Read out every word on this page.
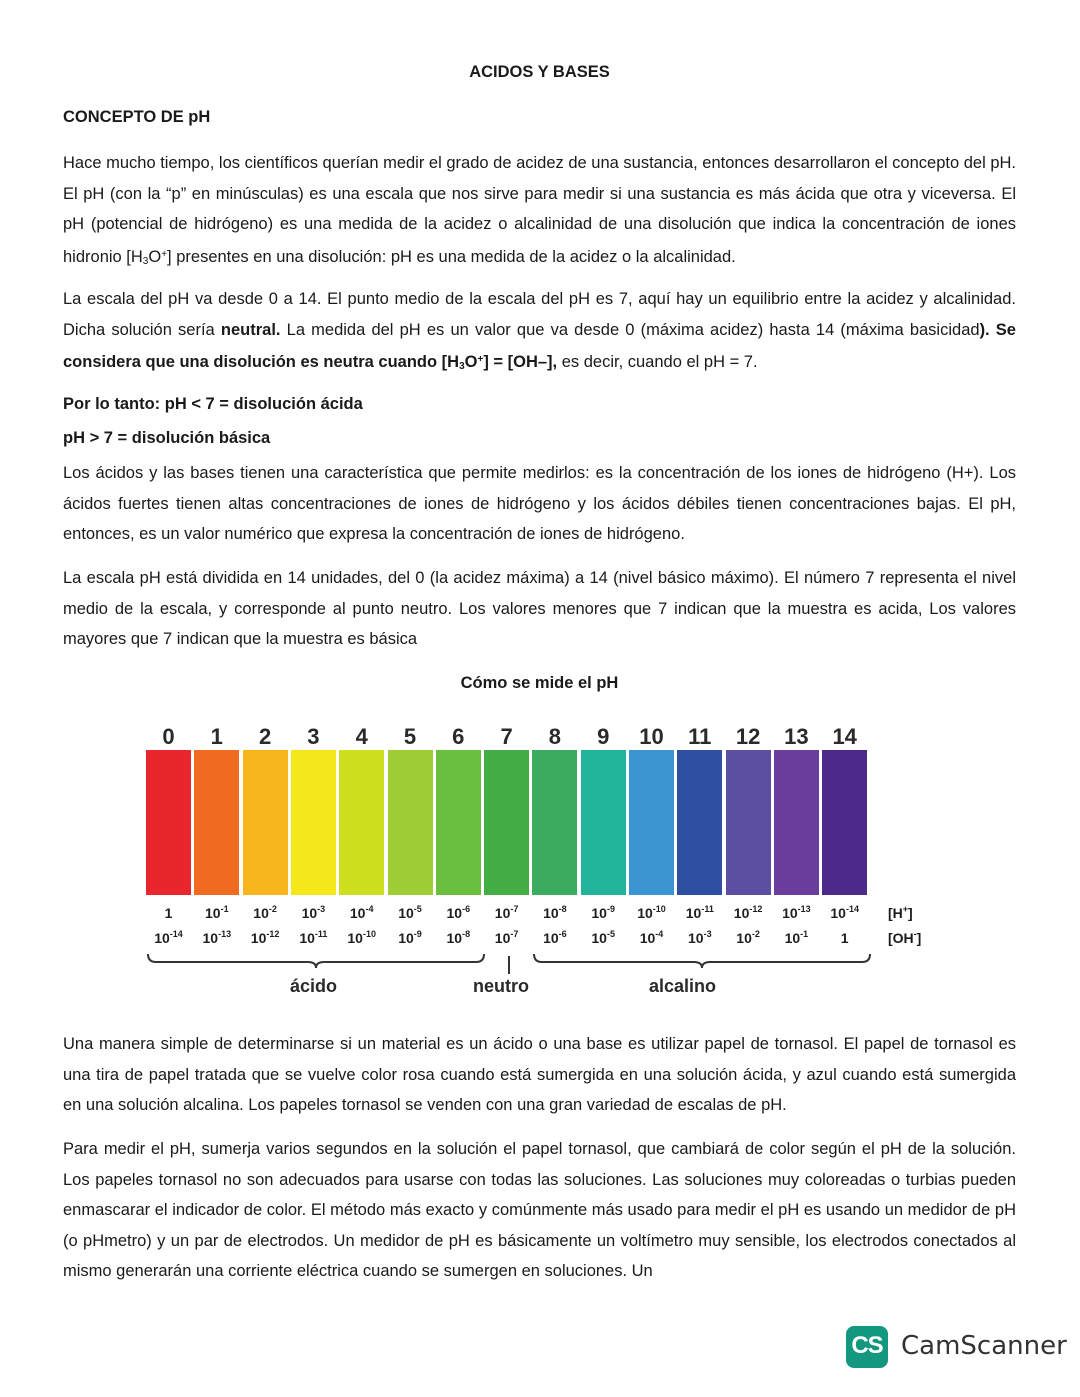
ACIDOS Y BASES
CONCEPTO DE pH

Hace mucho tiempo, los científicos querían medir el grado de acidez de una sustancia, entonces desarrollaron el concepto del pH. El pH (con la “p” en minúsculas) es una escala que nos sirve para medir si una sustancia es más ácida que otra y viceversa. El pH (potencial de hidrógeno) es una medida de la acidez o alcalinidad de una disolución que indica la concentración de iones hidronio $[H_3O^+]$ presentes en una disolución: pH es una medida de la acidez o la alcalinidad.

La escala del pH va desde 0 a 14. El punto medio de la escala del pH es 7, aquí hay un equilibrio entre la acidez y alcalinidad. Dicha solución sería neutral. La medida del pH es un valor que va desde 0 (máxima acidez) hasta 14 (máxima basicidad). Se considera que una disolución es neutra cuando $[H_3O^+] = [OH-]$, es decir, cuando el pH = 7.

Por lo tanto: pH < 7 = disolución ácida
pH > 7 = disolución básica

Los ácidos y las bases tienen una característica que permite medirlos: es la concentración de los iones de hidrógeno (H+). Los ácidos fuertes tienen altas concentraciones de iones de hidrógeno y los ácidos débiles tienen concentraciones bajas. El pH, entonces, es un valor numérico que expresa la concentración de iones de hidrógeno.

La escala pH está dividida en 14 unidades, del 0 (la acidez máxima) a 14 (nivel básico máximo). El número 7 representa el nivel medio de la escala, y corresponde al punto neutro. Los valores menores que 7 indican que la muestra es acida, Los valores mayores que 7 indican que la muestra es básica

Cómo se mide el pH

Una manera simple de determinarse si un material es un ácido o una base es utilizar papel de tornasol. El papel de tornasol es una tira de papel tratada que se vuelve color rosa cuando está sumergida en una solución ácida, y azul cuando está sumergida en una solución alcalina. Los papeles tornasol se venden con una gran variedad de escalas de pH.

Para medir el pH, sumerja varios segundos en la solución el papel tornasol, que cambiará de color según el pH de la solución. Los papeles tornasol no son adecuados para usarse con todas las soluciones. Las soluciones muy coloreadas o turbias pueden enmascarar el indicador de color. El método más exacto y comúnmente más usado para medir el pH es usando un medidor de pH (o pHmetro) y un par de electrodos. Un medidor de pH es básicamente un voltímetro muy sensible, los electrodos conectados al mismo generarán una corriente eléctrica cuando se sumergen en soluciones. Un

[H+]
[OH-]
ácido	neutro	alcalino
0
1
$10^{-14}$
1
$10^{-1}$
$10^{-13}$
2
$10^{-2}$
$10^{-12}$
3
$10^{-3}$
$10^{-11}$
4
$10^{-4}$
$10^{-10}$
5
$10^{-5}$
$10^{-9}$
6
$10^{-6}$
$10^{-8}$
7
$10^{-7}$
$10^{-7}$
8
$10^{-8}$
$10^{-6}$
9
$10^{-9}$
$10^{-5}$
10
$10^{-10}$
$10^{-4}$
11
$10^{-11}$
$10^{-3}$
12
$10^{-12}$
$10^{-2}$
13
$10^{-13}$
$10^{-1}$
14
$10^{-14}$
1
CS CamScanner
